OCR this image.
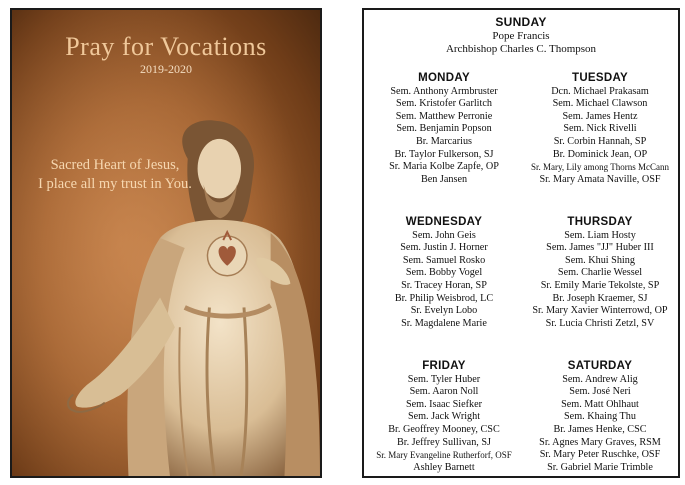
Pray for Vocations
2019-2020
Sacred Heart of Jesus,
I place all my trust in You.
SUNDAY
Pope Francis
Archbishop Charles C. Thompson
MONDAY
Sem. Anthony Armbruster
Sem. Kristofer Garlitch
Sem. Matthew Perronie
Sem. Benjamin Popson
Br. Marcarius
Br. Taylor Fulkerson, SJ
Sr. Maria Kolbe Zapfe, OP
Ben Jansen
TUESDAY
Dcn. Michael Prakasam
Sem. Michael Clawson
Sem. James Hentz
Sem. Nick Rivelli
Sr. Corbin Hannah, SP
Br. Dominick Jean, OP
Sr. Mary, Lily among Thorns McCann
Sr. Mary Amata Naville, OSF
WEDNESDAY
Sem. John Geis
Sem. Justin J. Horner
Sem. Samuel Rosko
Sem. Bobby Vogel
Sr. Tracey Horan, SP
Br. Philip Weisbrod, LC
Sr. Evelyn Lobo
Sr. Magdalene Marie
THURSDAY
Sem. Liam Hosty
Sem. James "JJ" Huber III
Sem. Khui Shing
Sem. Charlie Wessel
Sr. Emily Marie Tekolste, SP
Br. Joseph Kraemer, SJ
Sr. Mary Xavier Winterrowd, OP
Sr. Lucia Christi Zetzl, SV
FRIDAY
Sem. Tyler Huber
Sem. Aaron Noll
Sem. Isaac Siefker
Sem. Jack Wright
Br. Geoffrey Mooney, CSC
Br. Jeffrey Sullivan, SJ
Sr. Mary Evangeline Rutherforf, OSF
Ashley Barnett
SATURDAY
Sem. Andrew Alig
Sem. José Neri
Sem. Matt Ohlhaut
Sem. Khaing Thu
Br. James Henke, CSC
Sr. Agnes Mary Graves, RSM
Sr. Mary Peter Ruschke, OSF
Sr. Gabriel Marie Trimble
